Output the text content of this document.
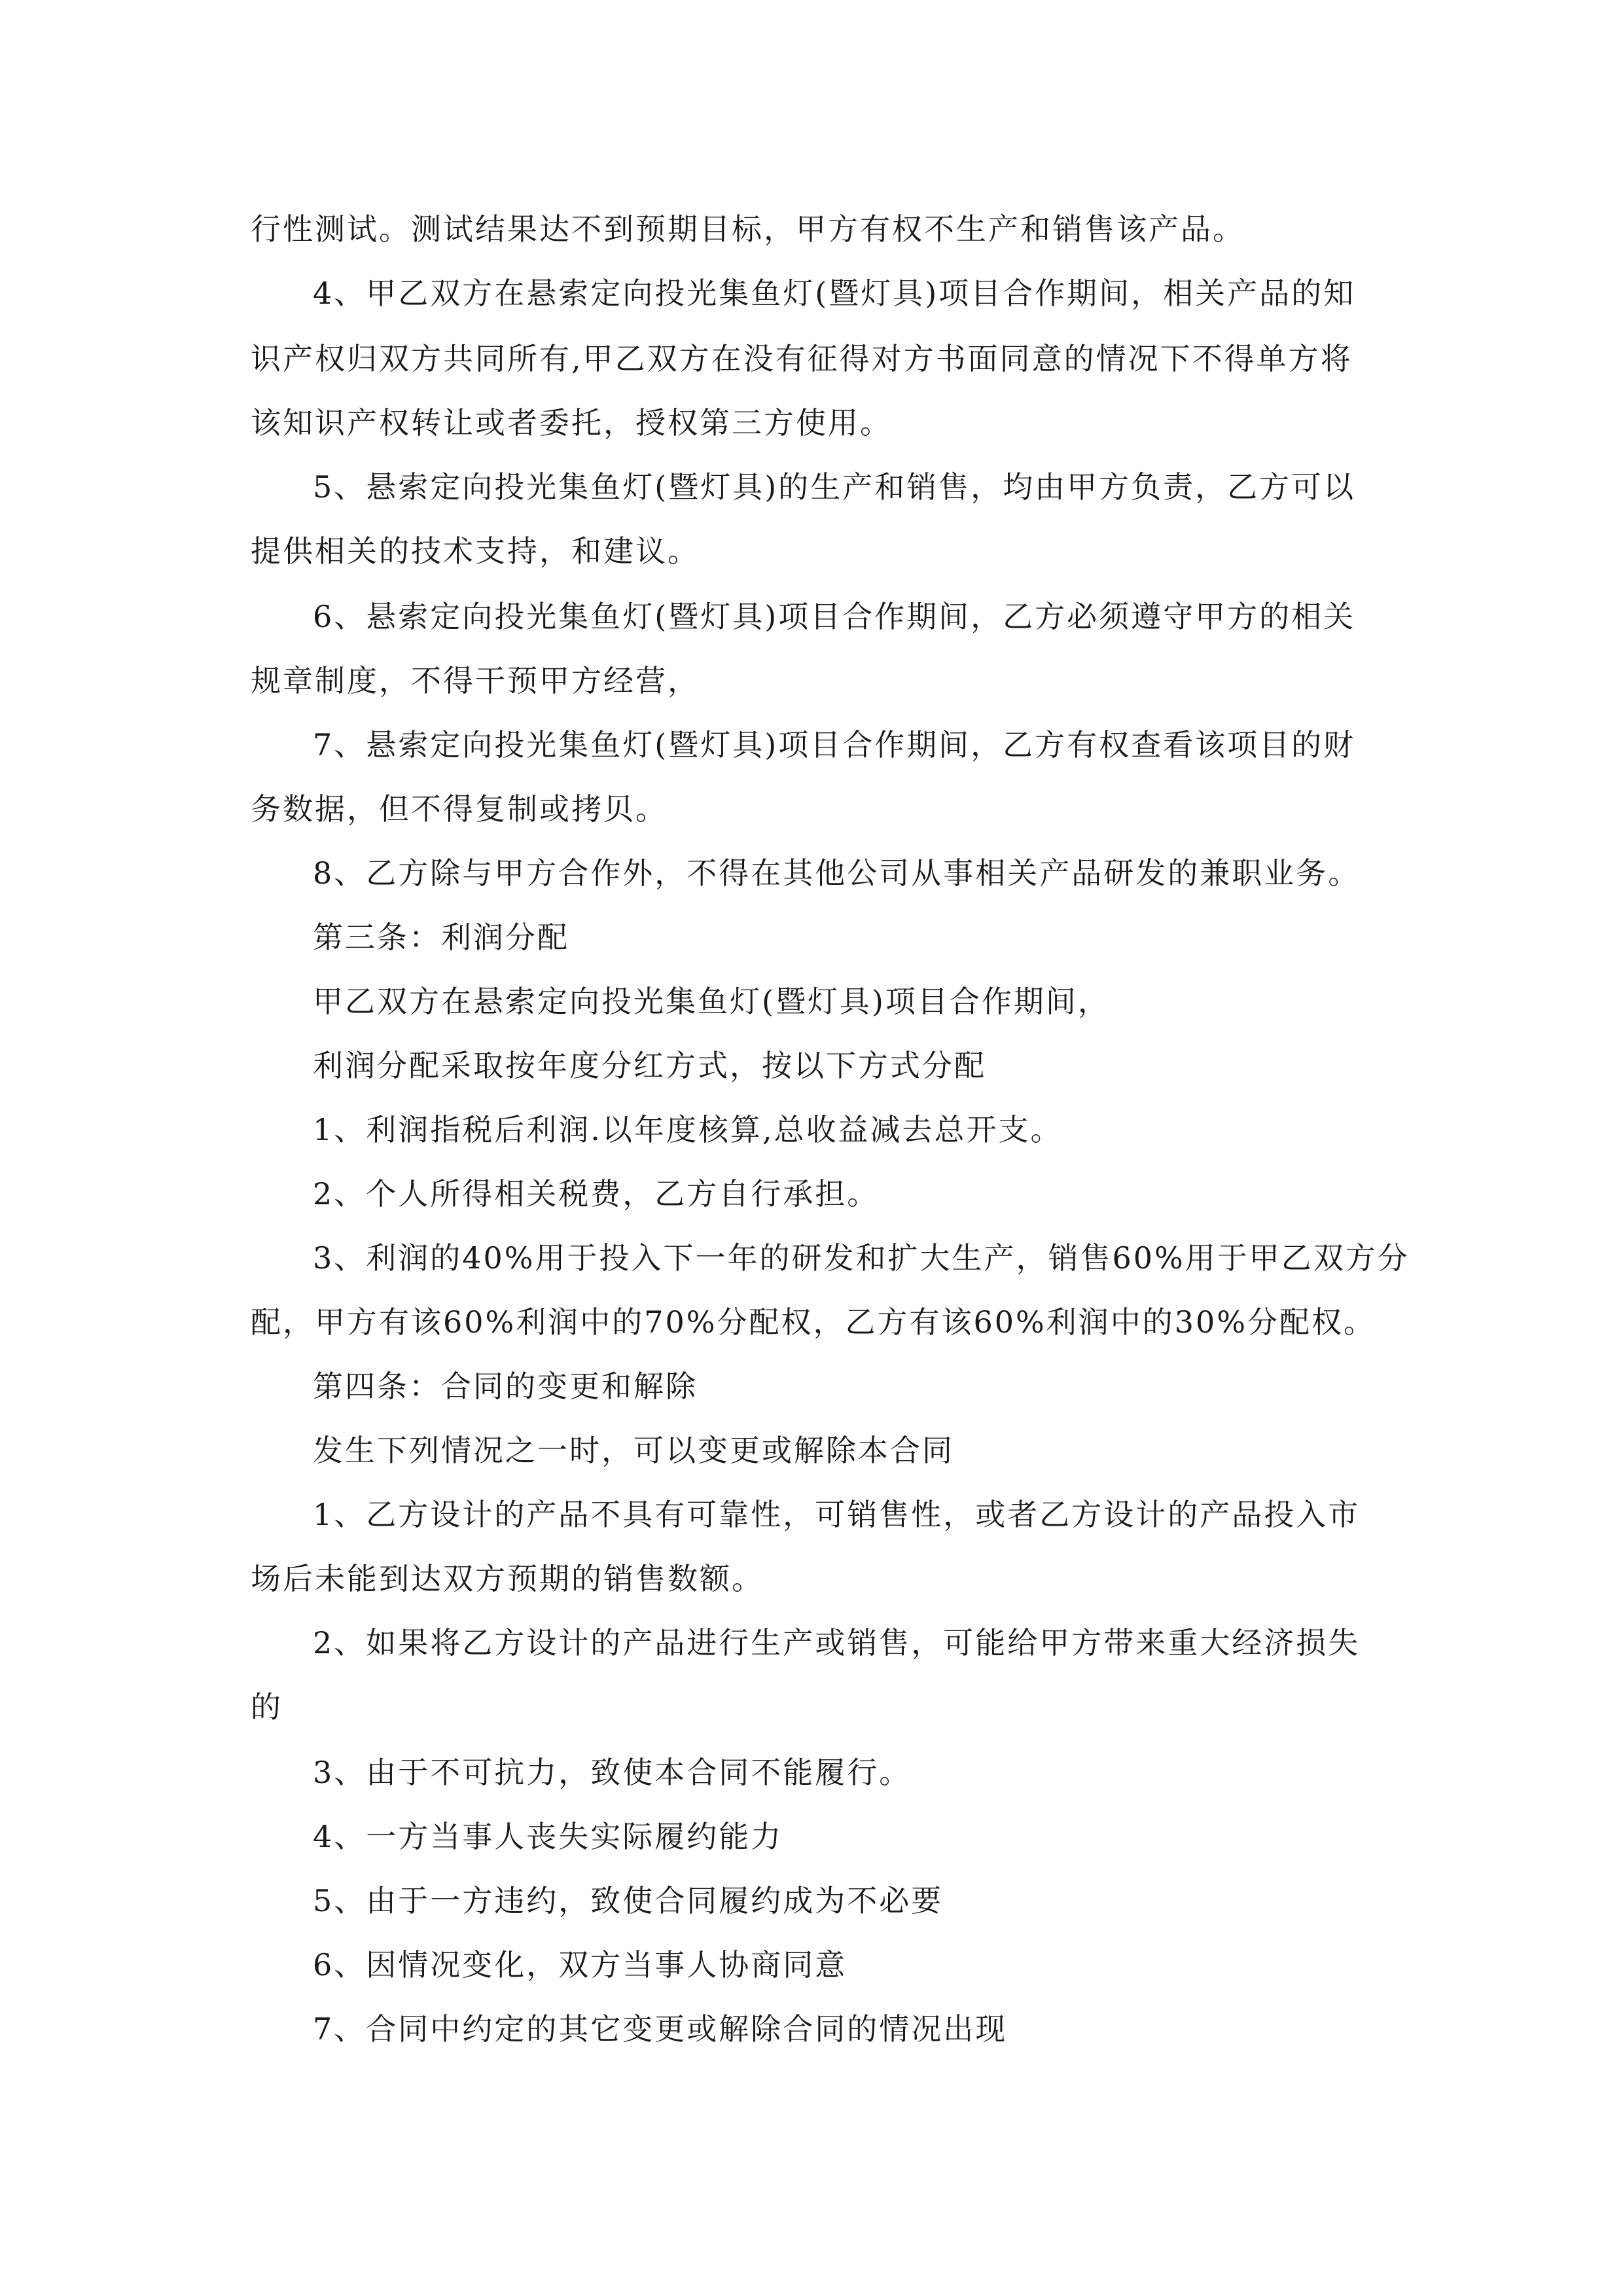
行性测试。测试结果达不到预期目标，甲方有权不生产和销售该产品。
4、甲乙双方在悬索定向投光集鱼灯(暨灯具)项目合作期间，相关产品的知
识产权归双方共同所有,甲乙双方在没有征得对方书面同意的情况下不得单方将
该知识产权转让或者委托，授权第三方使用。
5、悬索定向投光集鱼灯(暨灯具)的生产和销售，均由甲方负责，乙方可以
提供相关的技术支持，和建议。
6、悬索定向投光集鱼灯(暨灯具)项目合作期间，乙方必须遵守甲方的相关
规章制度，不得干预甲方经营，
7、悬索定向投光集鱼灯(暨灯具)项目合作期间，乙方有权查看该项目的财
务数据，但不得复制或拷贝。
8、乙方除与甲方合作外，不得在其他公司从事相关产品研发的兼职业务。
第三条：利润分配
甲乙双方在悬索定向投光集鱼灯(暨灯具)项目合作期间，
利润分配采取按年度分红方式，按以下方式分配
1、利润指税后利润.以年度核算,总收益减去总开支。
2、个人所得相关税费，乙方自行承担。
3、利润的40%用于投入下一年的研发和扩大生产，销售60%用于甲乙双方分
配，甲方有该60%利润中的70%分配权，乙方有该60%利润中的30%分配权。
第四条：合同的变更和解除
发生下列情况之一时，可以变更或解除本合同
1、乙方设计的产品不具有可靠性，可销售性，或者乙方设计的产品投入市
场后未能到达双方预期的销售数额。
2、如果将乙方设计的产品进行生产或销售，可能给甲方带来重大经济损失
的
3、由于不可抗力，致使本合同不能履行。
4、一方当事人丧失实际履约能力
5、由于一方违约，致使合同履约成为不必要
6、因情况变化，双方当事人协商同意
7、合同中约定的其它变更或解除合同的情况出现
